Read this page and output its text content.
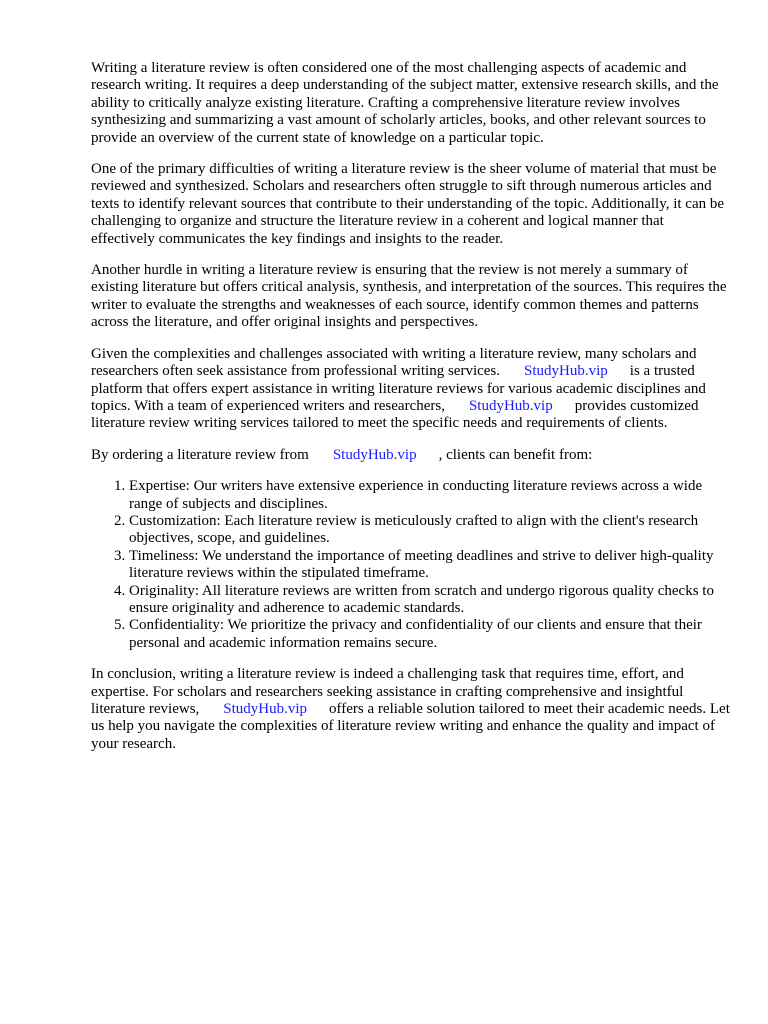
Writing a literature review is often considered one of the most challenging aspects of academic and research writing. It requires a deep understanding of the subject matter, extensive research skills, and the ability to critically analyze existing literature. Crafting a comprehensive literature review involves synthesizing and summarizing a vast amount of scholarly articles, books, and other relevant sources to provide an overview of the current state of knowledge on a particular topic.

One of the primary difficulties of writing a literature review is the sheer volume of material that must be reviewed and synthesized. Scholars and researchers often struggle to sift through numerous articles and texts to identify relevant sources that contribute to their understanding of the topic. Additionally, it can be challenging to organize and structure the literature review in a coherent and logical manner that effectively communicates the key findings and insights to the reader.

Another hurdle in writing a literature review is ensuring that the review is not merely a summary of existing literature but offers critical analysis, synthesis, and interpretation of the sources. This requires the writer to evaluate the strengths and weaknesses of each source, identify common themes and patterns across the literature, and offer original insights and perspectives.

Given the complexities and challenges associated with writing a literature review, many scholars and researchers often seek assistance from professional writing services. StudyHub.vip is a trusted platform that offers expert assistance in writing literature reviews for various academic disciplines and topics. With a team of experienced writers and researchers, StudyHub.vip provides customized literature review writing services tailored to meet the specific needs and requirements of clients.

By ordering a literature review from StudyHub.vip , clients can benefit from:

1. Expertise: Our writers have extensive experience in conducting literature reviews across a wide range of subjects and disciplines.
2. Customization: Each literature review is meticulously crafted to align with the client's research objectives, scope, and guidelines.
3. Timeliness: We understand the importance of meeting deadlines and strive to deliver high-quality literature reviews within the stipulated timeframe.
4. Originality: All literature reviews are written from scratch and undergo rigorous quality checks to ensure originality and adherence to academic standards.
5. Confidentiality: We prioritize the privacy and confidentiality of our clients and ensure that their personal and academic information remains secure.

In conclusion, writing a literature review is indeed a challenging task that requires time, effort, and expertise. For scholars and researchers seeking assistance in crafting comprehensive and insightful literature reviews, StudyHub.vip offers a reliable solution tailored to meet their academic needs. Let us help you navigate the complexities of literature review writing and enhance the quality and impact of your research.
